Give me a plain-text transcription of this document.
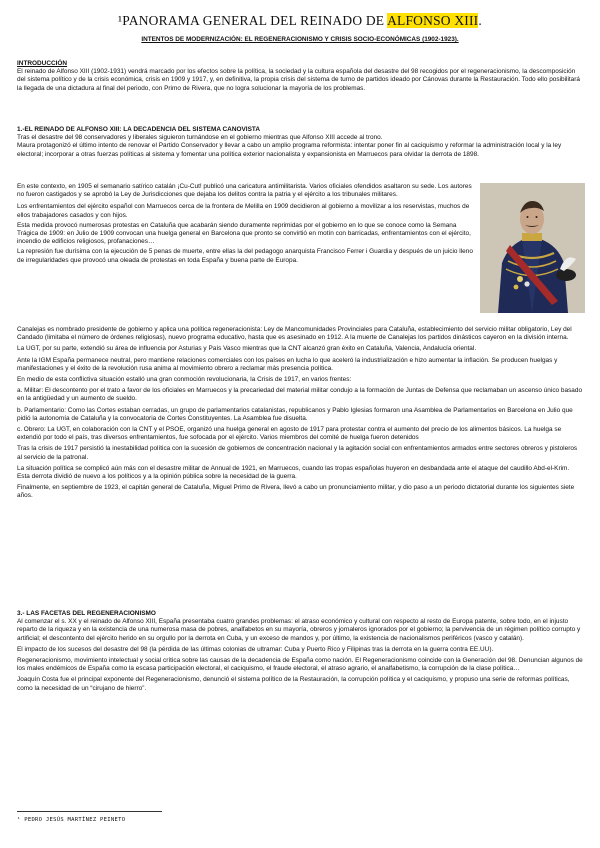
¹PANORAMA GENERAL DEL REINADO DE ALFONSO XIII.
INTENTOS DE MODERNIZACIÓN: EL REGENERACIONISMO Y CRISIS SOCIO-ECONÓMICAS (1902-1923).

INTRODUCCIÓN

El reinado de Alfonso XIII (1902-1931) vendrá marcado por los efectos sobre la política, la sociedad y la cultura española del desastre del 98 recogidos por el regeneracionismo, la descomposición del sistema político y de la crisis económica, crisis en 1909 y 1917, y, en definitiva, la propia crisis del sistema de turno de partidos ideado por Cánovas durante la Restauración. Todo ello posibilitará la llegada de una dictadura al final del periodo, con Primo de Rivera, que no logra solucionar la mayoría de los problemas.

1.-EL REINADO DE ALFONSO XIII: LA DECADENCIA DEL SISTEMA CANOVISTA

Tras el desastre del 98 conservadores y liberales siguieron turnándose en el gobierno mientras que Alfonso XIII accede al trono.

Maura protagonizó el último intento de renovar el Partido Conservador y llevar a cabo un amplio programa reformista: intentar poner fin al caciquismo y reformar la administración local y la ley electoral; incorporar a otras fuerzas políticas al sistema y fomentar una política exterior nacionalista y expansionista en Marruecos para olvidar la derrota de 1898.

En este contexto, en 1905 el semanario satírico catalán ¡Cu-Cut! publicó una caricatura antimilitarista. Varios oficiales ofendidos asaltaron su sede. Los autores no fueron castigados y se aprobó la Ley de Jurisdicciones que dejaba los delitos contra la patria y el ejército a los tribunales militares.

Los enfrentamientos del ejército español con Marruecos cerca de la frontera de Melilla en 1909 decidieron al gobierno a movilizar a los reservistas, muchos de ellos trabajadores casados y con hijos.

Esta medida provocó numerosas protestas en Cataluña que acabarán siendo duramente reprimidas por el gobierno en lo que se conoce como la Semana Trágica de 1909: en Julio de 1909 convocan una huelga general en Barcelona que pronto se convirtió en motín con barricadas, enfrentamientos con el ejército, incendio de edificios religiosos, profanaciones…

La represión fue durísima con la ejecución de 5 penas de muerte, entre ellas la del pedagogo anarquista Francisco Ferrer i Guardia y después de un juicio lleno de irregularidades que provocó una oleada de protestas en toda España y buena parte de Europa.

Canalejas es nombrado presidente de gobierno y aplica una política regeneracionista: Ley de Mancomunidades Provinciales para Cataluña, establecimiento del servicio militar obligatorio, Ley del Candado (limitaba el número de órdenes religiosas), nuevo programa educativo, hasta que es asesinado en 1912. A la muerte de Canalejas los partidos dinásticos cayeron en la división interna.

La UGT, por su parte, extendió su área de influencia por Asturias y País Vasco mientras que la CNT alcanzó gran éxito en Cataluña, Valencia, Andalucía oriental.

Ante la IGM España permanece neutral, pero mantiene relaciones comerciales con los países en lucha lo que aceleró la industrialización e hizo aumentar la inflación. Se producen huelgas y manifestaciones y el éxito de la revolución rusa anima al movimiento obrero a reclamar más presencia política.

En medio de esta conflictiva situación estalló una gran conmoción revolucionaria, la Crisis de 1917, en varios frentes:

a. Militar: El descontento por el trato a favor de los oficiales en Marruecos y la precariedad del material militar condujo a la formación de Juntas de Defensa que reclamaban un ascenso único basado en la antigüedad y un aumento de sueldo.

b. Parlamentario: Como las Cortes estaban cerradas, un grupo de parlamentarios catalanistas, republicanos y Pablo Iglesias formaron una Asamblea de Parlamentarios en Barcelona en Julio que pidió la autonomía de Cataluña y la convocatoria de Cortes Constituyentes. La Asamblea fue disuelta.

c. Obrero: La UGT, en colaboración con la CNT y el PSOE, organizó una huelga general en agosto de 1917 para protestar contra el aumento del precio de los alimentos básicos. La huelga se extendió por todo el país, tras diversos enfrentamientos, fue sofocada por el ejército. Varios miembros del comité de huelga fueron detenidos

Tras la crisis de 1917 persistió la inestabilidad política con la sucesión de gobiernos de concentración nacional y la agitación social con enfrentamientos armados entre sectores obreros y pistoleros al servicio de la patronal.

La situación política se complicó aún más con el desastre militar de Annual de 1921, en Marruecos, cuando las tropas españolas huyeron en desbandada ante el ataque del caudillo Abd-el-Krim. Esta derrota dividió de nuevo a los políticos y a la opinión pública sobre la necesidad de la guerra.

Finalmente, en septiembre de 1923, el capitán general de Cataluña, Miguel Primo de Rivera, llevó a cabo un pronunciamiento militar, y dio paso a un periodo dictatorial durante los siguientes siete años.

3.- LAS FACETAS DEL REGENERACIONISMO

Al comenzar el s. XX y el reinado de Alfonso XIII, España presentaba cuatro grandes problemas: el atraso económico y cultural con respecto al resto de Europa patente, sobre todo, en el injusto reparto de la riqueza y en la existencia de una numerosa masa de pobres, analfabetos en su mayoría, obreros y jornaleros ignorados por el gobierno; la pervivencia de un régimen político corrupto y artificial; el descontento del ejército herido en su orgullo por la derrota en Cuba, y un exceso de mandos y, por último, la existencia de nacionalismos periféricos (vasco y catalán).

El impacto de los sucesos del desastre del 98 (la pérdida de las últimas colonias de ultramar: Cuba y Puerto Rico y Filipinas tras la derrota en la guerra contra EE.UU).

Regeneracionismo, movimiento intelectual y social crítica sobre las causas de la decadencia de España como nación. El Regeneracionismo coincide con la Generación del 98. Denuncian algunos de los males endémicos de España como la escasa participación electoral, el caciquismo, el fraude electoral, el atraso agrario, el analfabetismo, la corrupción de la clase política…

Joaquín Costa fue el principal exponente del Regeneracionismo, denunció el sistema político de la Restauración, la corrupción política y el caciquismo, y propuso una serie de reformas políticas, como la necesidad de un “cirujano de hierro”.

¹ PEDRO JESÚS MARTÍNEZ PEINETO
